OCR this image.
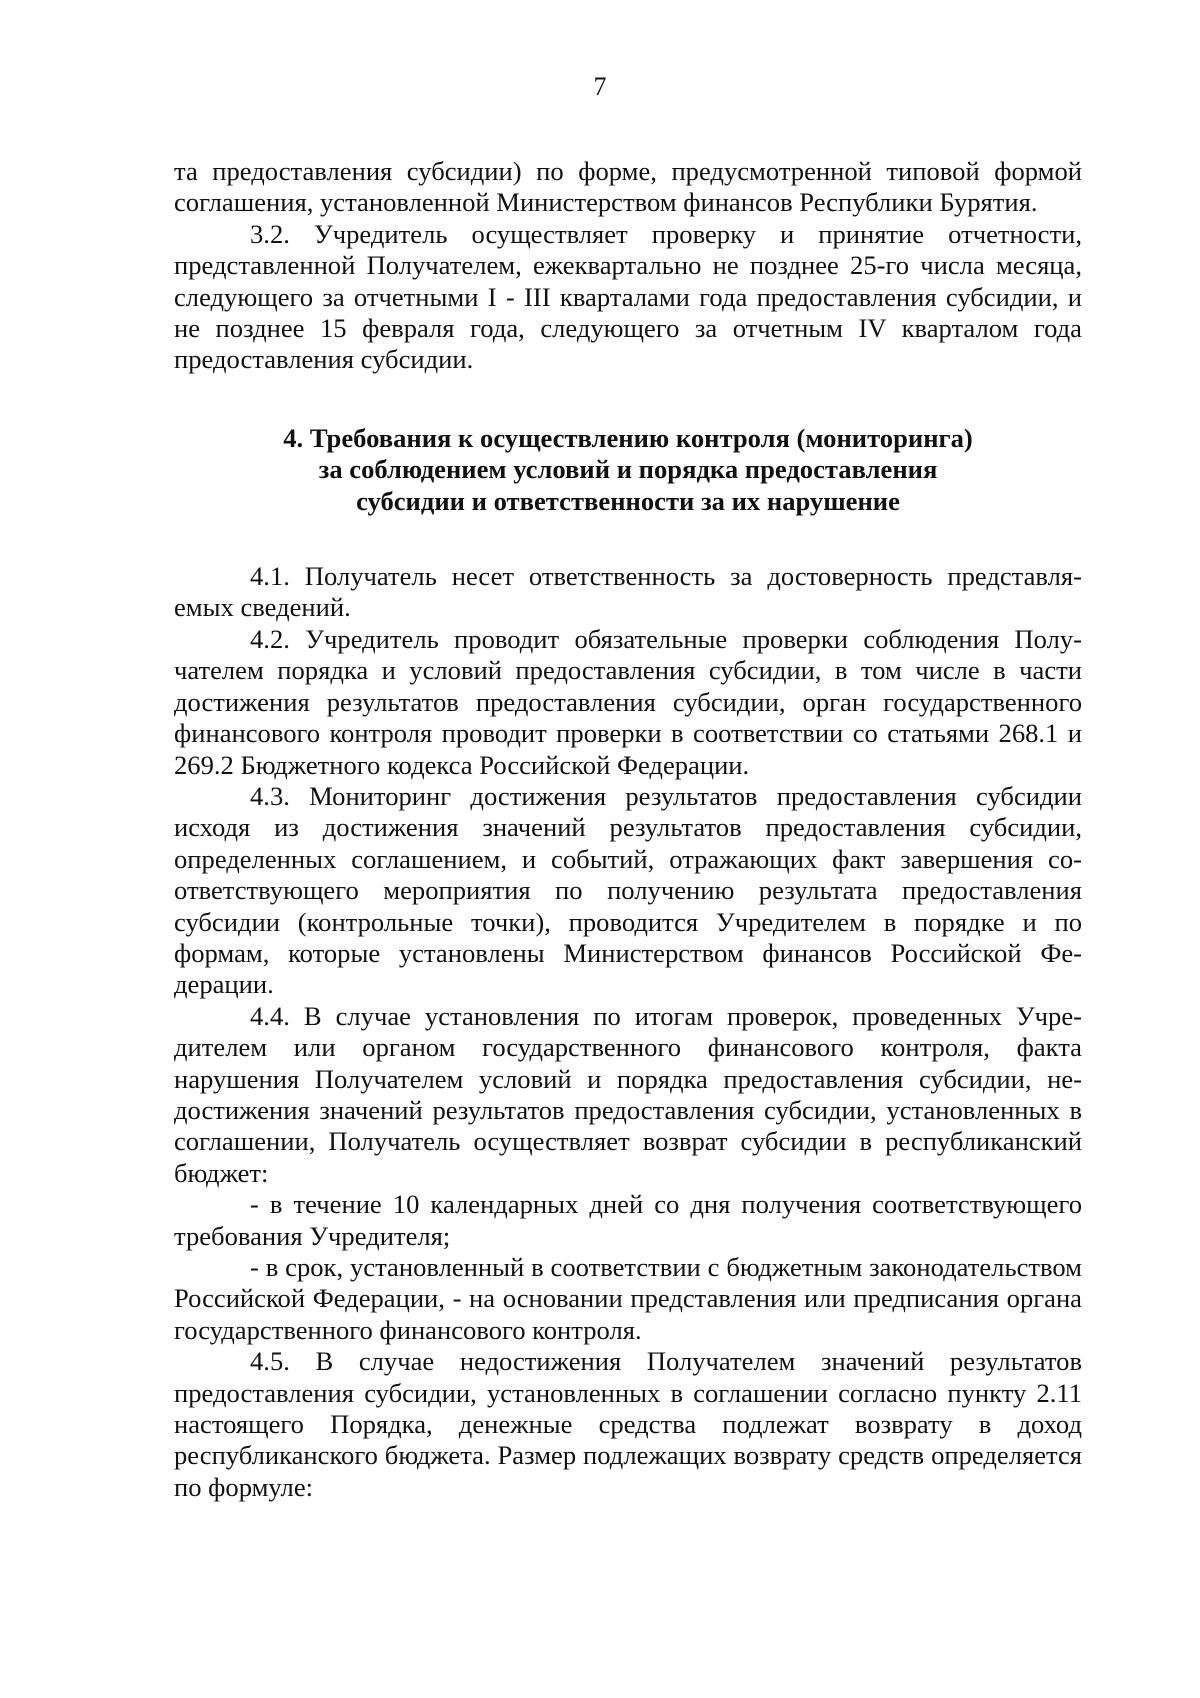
7

та предоставления субсидии) по форме, предусмотренной типовой формой соглашения, установленной Министерством финансов Республики Бурятия.

3.2. Учредитель осуществляет проверку и принятие отчетности, представленной Получателем, ежеквартально не позднее 25-го числа месяца, следующего за отчетными I - III кварталами года предоставления субсидии, и не позднее 15 февраля года, следующего за отчетным IV кварталом года предоставления субсидии.

4. Требования к осуществлению контроля (мониторинга)
за соблюдением условий и порядка предоставления
субсидии и ответственности за их нарушение

4.1. Получатель несет ответственность за достоверность представляемых сведений.

4.2. Учредитель проводит обязательные проверки соблюдения Получателем порядка и условий предоставления субсидии, в том числе в части достижения результатов предоставления субсидии, орган государственного финансового контроля проводит проверки в соответствии со статьями 268.1 и 269.2 Бюджетного кодекса Российской Федерации.

4.3. Мониторинг достижения результатов предоставления субсидии исходя из достижения значений результатов предоставления субсидии, определенных соглашением, и событий, отражающих факт завершения соответствующего мероприятия по получению результата предоставления субсидии (контрольные точки), проводится Учредителем в порядке и по формам, которые установлены Министерством финансов Российской Федерации.

4.4. В случае установления по итогам проверок, проведенных Учредителем или органом государственного финансового контроля, факта нарушения Получателем условий и порядка предоставления субсидии, недостижения значений результатов предоставления субсидии, установленных в соглашении, Получатель осуществляет возврат субсидии в республиканский бюджет:

- в течение 10 календарных дней со дня получения соответствующего требования Учредителя;

- в срок, установленный в соответствии с бюджетным законодательством Российской Федерации, - на основании представления или предписания органа государственного финансового контроля.

4.5. В случае недостижения Получателем значений результатов предоставления субсидии, установленных в соглашении согласно пункту 2.11 настоящего Порядка, денежные средства подлежат возврату в доход республиканского бюджета. Размер подлежащих возврату средств определяется по формуле:
